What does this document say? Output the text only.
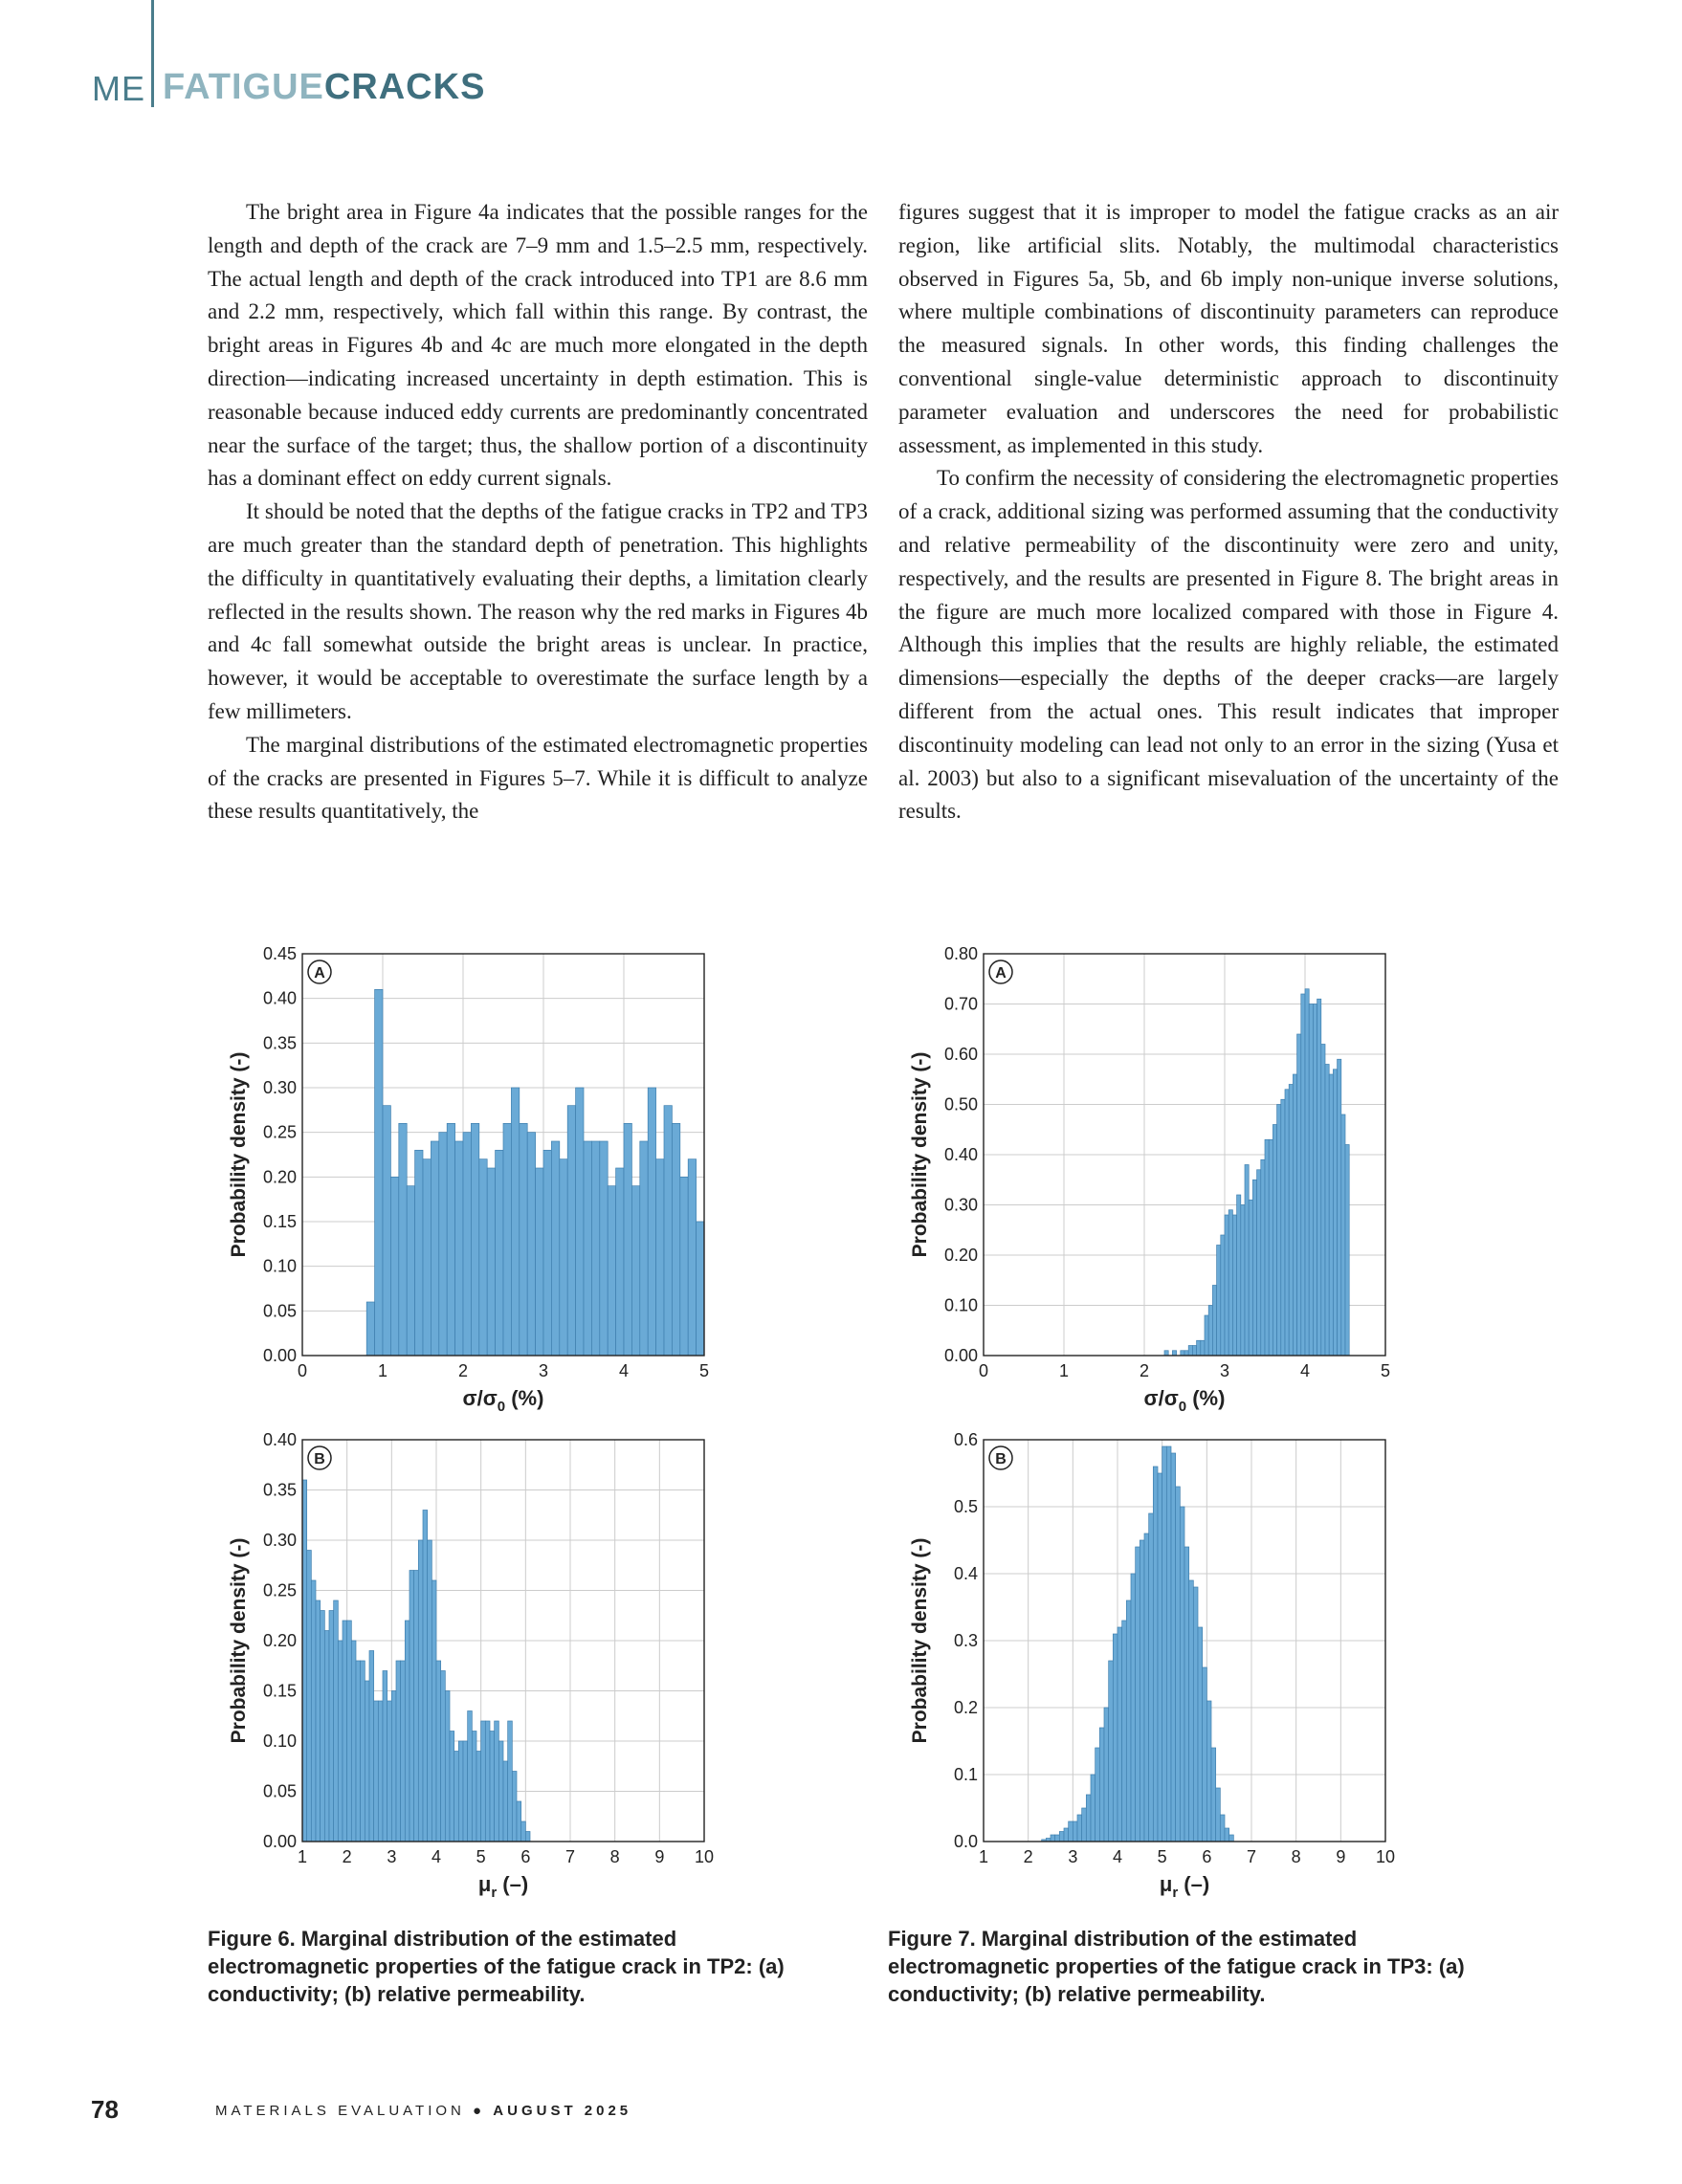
ME FATIGUECRACKS

The bright area in Figure 4a indicates that the possible ranges for the length and depth of the crack are 7–9 mm and 1.5–2.5 mm, respectively. The actual length and depth of the crack introduced into TP1 are 8.6 mm and 2.2 mm, respectively, which fall within this range. By contrast, the bright areas in Figures 4b and 4c are much more elongated in the depth direction—indicating increased uncertainty in depth estimation. This is reasonable because induced eddy currents are predominantly concentrated near the surface of the target; thus, the shallow portion of a discontinuity has a dominant effect on eddy current signals.

It should be noted that the depths of the fatigue cracks in TP2 and TP3 are much greater than the standard depth of penetration. This highlights the difficulty in quantitatively evaluating their depths, a limitation clearly reflected in the results shown. The reason why the red marks in Figures 4b and 4c fall somewhat outside the bright areas is unclear. In practice, however, it would be acceptable to overestimate the surface length by a few millimeters.

The marginal distributions of the estimated electromagnetic properties of the cracks are presented in Figures 5–7. While it is difficult to analyze these results quantitatively, the

figures suggest that it is improper to model the fatigue cracks as an air region, like artificial slits. Notably, the multimodal characteristics observed in Figures 5a, 5b, and 6b imply non-unique inverse solutions, where multiple combinations of discontinuity parameters can reproduce the measured signals. In other words, this finding challenges the conventional single-value deterministic approach to discontinuity parameter evaluation and underscores the need for probabilistic assessment, as implemented in this study.

To confirm the necessity of considering the electromagnetic properties of a crack, additional sizing was performed assuming that the conductivity and relative permeability of the discontinuity were zero and unity, respectively, and the results are presented in Figure 8. The bright areas in the figure are much more localized compared with those in Figure 4. Although this implies that the results are highly reliable, the estimated dimensions—especially the depths of the deeper cracks—are largely different from the actual ones. This result indicates that improper discontinuity modeling can lead not only to an error in the sizing (Yusa et al. 2003) but also to a significant misevaluation of the uncertainty of the results.

0.00
0.05
0.10
0.15
0.20
0.25
0.30
0.35
0.40
0.45
0	1	2	3	4	5
Probability density (-)
$\sigma/\sigma_0$ (%)
A
0.00
0.05
0.10
0.15
0.20
0.25
0.30
0.35
0.40
1 2 3 4 5 6 7 8 9 10
Probability density (-)
$\mu_r$ (–)
B
0.00
0.10
0.20
0.30
0.40
0.50
0.60
0.70
0.80
0	1	2	3	4	5
Probability density (-)
$\sigma/\sigma_0$ (%)
A
0.0
0.1
0.2
0.3
0.4
0.5
0.6
1 2 3 4 5 6 7 8 9 10
Probability density (-)
$\mu_r$ (–)
B
Figure 6. Marginal distribution of the estimated electromagnetic properties of the fatigue crack in TP2: (a) conductivity; (b) relative permeability.
Figure 7. Marginal distribution of the estimated electromagnetic properties of the fatigue crack in TP3: (a) conductivity; (b) relative permeability.
78	MATERIALS EVALUATION ● AUGUST 2025
